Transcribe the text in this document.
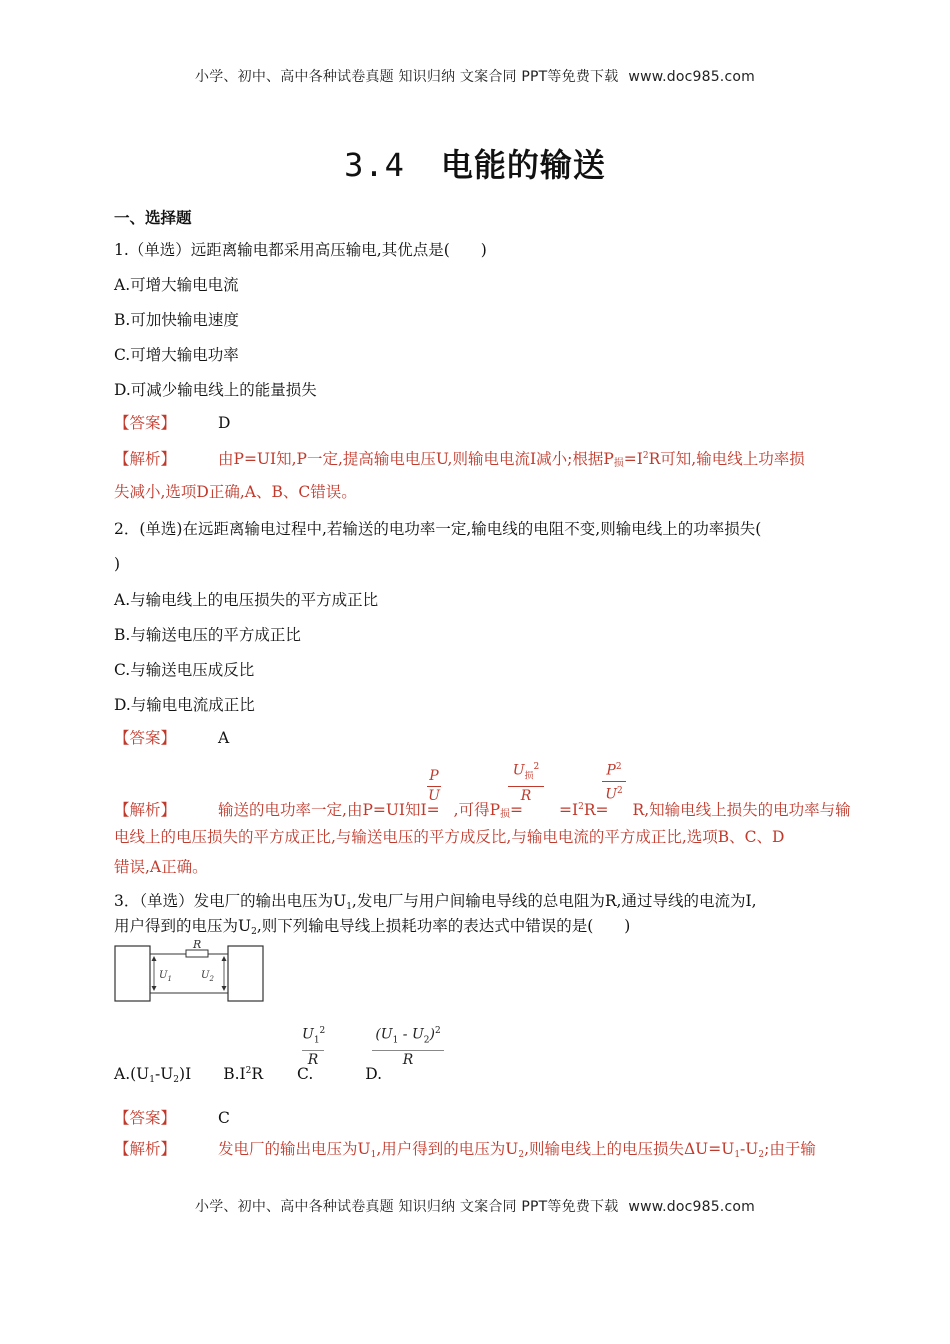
小学、初中、高中各种试卷真题 知识归纳 文案合同 PPT等免费下载 www.doc985.com
3.4 电能的输送
一、选择题
1.（单选）远距离输电都采用高压输电,其优点是(　　)
A.可增大输电电流
B.可加快输电速度
C.可增大输电功率
D.可减少输电线上的能量损失
【答案】	D
【解析】	由P=UI知,P一定,提高输电电压U,则输电电流I减小;根据P损$=I^2R$可知,输电线上功率损
失减小,选项D正确,A、B、C错误。
2．(单选)在远距离输电过程中,若输送的电功率一定,输电线的电阻不变,则输电线上的功率损失(
)
A.与输电线上的电压损失的平方成正比
B.与输送电压的平方成正比
C.与输送电压成反比
D.与输电电流成正比
【答案】	A
P
U
$U_损^2$
R
$P^2$
$U^2$
【解析】	输送的电功率一定,由P=UI知I= ,可得P损= $=I^2R= R$,知输电线上损失的电功率与输
电线上的电压损失的平方成正比,与输送电压的平方成反比,与输电电流的平方成正比,选项B、C、D
错误,A正确。
3．（单选）发电厂的输出电压为$U_1$,发电厂与用户间输电导线的总电阻为R,通过导线的电流为I,
用户得到的电压为$U_2$,则下列输电导线上损耗功率的表达式中错误的是(　　)
R
$U_1$	$U_2$
$U_1^2$
R
$(U_1 - U_2)^2$
R
$A.(U_1-U_2)I$ $B.I^2R$ C.	D.
【答案】	C
【解析】	发电厂的输出电压为$U_1$,用户得到的电压为$U_2$,则输电线上的电压损失$\Delta U=U_1-U_2$;由于输
小学、初中、高中各种试卷真题 知识归纳 文案合同 PPT等免费下载 www.doc985.com
